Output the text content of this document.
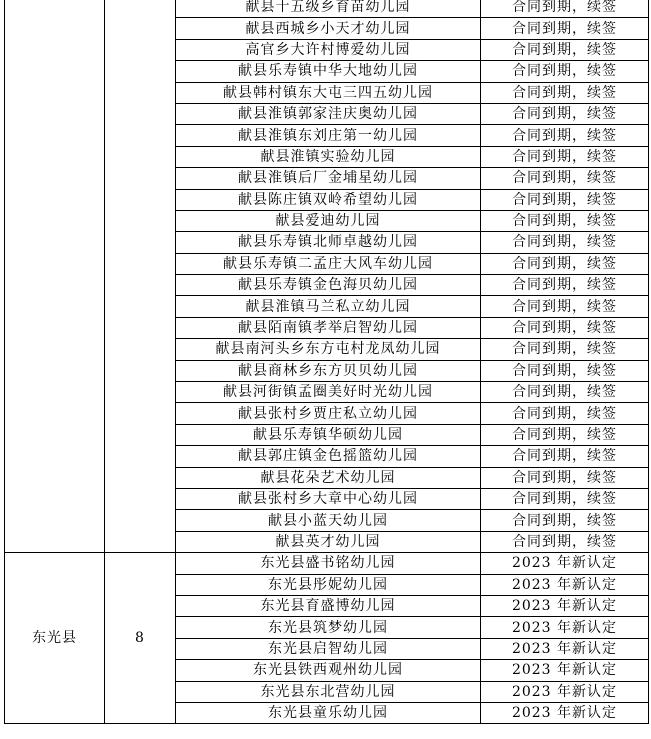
		献县十五级乡育苗幼儿园	合同到期，续签
		献县西城乡小天才幼儿园	合同到期，续签
		高官乡大许村博爱幼儿园	合同到期，续签
		献县乐寿镇中华大地幼儿园	合同到期，续签
		献县韩村镇东大屯三四五幼儿园	合同到期，续签
		献县淮镇郭家洼庆奥幼儿园	合同到期，续签
		献县淮镇东刘庄第一幼儿园	合同到期，续签
		献县淮镇实验幼儿园	合同到期，续签
		献县淮镇后厂金埔星幼儿园	合同到期，续签
		献县陈庄镇双岭希望幼儿园	合同到期，续签
		献县爱迪幼儿园	合同到期，续签
		献县乐寿镇北师卓越幼儿园	合同到期，续签
		献县乐寿镇二孟庄大风车幼儿园	合同到期，续签
		献县乐寿镇金色海贝幼儿园	合同到期，续签
		献县淮镇马兰私立幼儿园	合同到期，续签
		献县陌南镇孝举启智幼儿园	合同到期，续签
		献县南河头乡东方屯村龙凤幼儿园	合同到期，续签
		献县商林乡东方贝贝幼儿园	合同到期，续签
		献县河街镇孟圈美好时光幼儿园	合同到期，续签
		献县张村乡贾庄私立幼儿园	合同到期，续签
		献县乐寿镇华硕幼儿园	合同到期，续签
		献县郭庄镇金色摇篮幼儿园	合同到期，续签
		献县花朵艺术幼儿园	合同到期，续签
		献县张村乡大章中心幼儿园	合同到期，续签
		献县小蓝天幼儿园	合同到期，续签
		献县英才幼儿园	合同到期，续签
东光县	8	东光县盛书铭幼儿园	2023 年新认定
		东光县彤妮幼儿园	2023 年新认定
		东光县育盛博幼儿园	2023 年新认定
		东光县筑梦幼儿园	2023 年新认定
		东光县启智幼儿园	2023 年新认定
		东光县铁西观州幼儿园	2023 年新认定
		东光县东北营幼儿园	2023 年新认定
		东光县童乐幼儿园	2023 年新认定
